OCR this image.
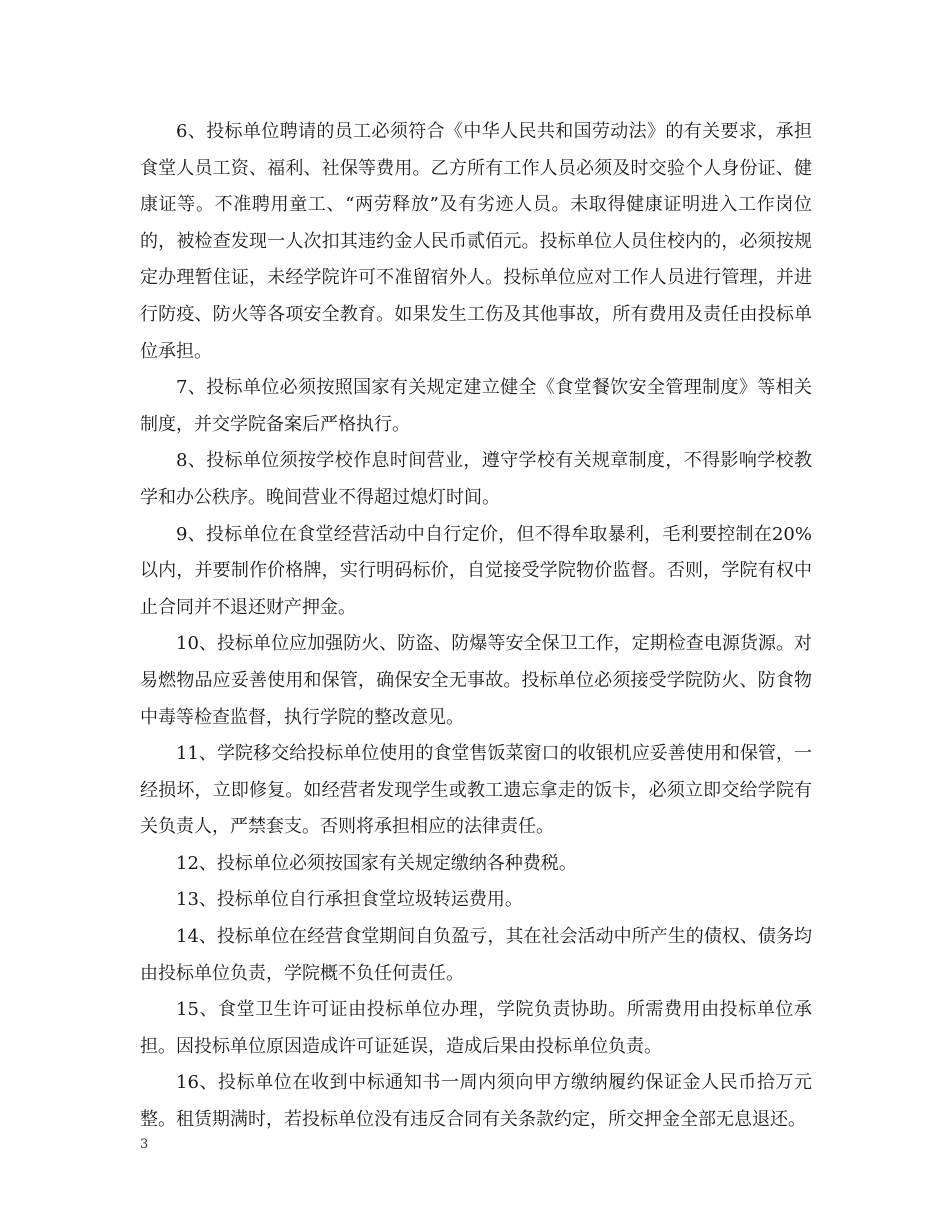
6、投标单位聘请的员工必须符合《中华人民共和国劳动法》的有关要求，承担食堂人员工资、福利、社保等费用。乙方所有工作人员必须及时交验个人身份证、健康证等。不准聘用童工、“两劳释放”及有劣迹人员。未取得健康证明进入工作岗位的，被检查发现一人次扣其违约金人民币贰佰元。投标单位人员住校内的，必须按规定办理暂住证，未经学院许可不准留宿外人。投标单位应对工作人员进行管理，并进行防疫、防火等各项安全教育。如果发生工伤及其他事故，所有费用及责任由投标单位承担。

7、投标单位必须按照国家有关规定建立健全《食堂餐饮安全管理制度》等相关制度，并交学院备案后严格执行。

8、投标单位须按学校作息时间营业，遵守学校有关规章制度，不得影响学校教学和办公秩序。晚间营业不得超过熄灯时间。

9、投标单位在食堂经营活动中自行定价，但不得牟取暴利，毛利要控制在20%以内，并要制作价格牌，实行明码标价，自觉接受学院物价监督。否则，学院有权中止合同并不退还财产押金。

10、投标单位应加强防火、防盗、防爆等安全保卫工作，定期检查电源货源。对易燃物品应妥善使用和保管，确保安全无事故。投标单位必须接受学院防火、防食物中毒等检查监督，执行学院的整改意见。

11、学院移交给投标单位使用的食堂售饭菜窗口的收银机应妥善使用和保管，一经损坏，立即修复。如经营者发现学生或教工遗忘拿走的饭卡，必须立即交给学院有关负责人，严禁套支。否则将承担相应的法律责任。

12、投标单位必须按国家有关规定缴纳各种费税。

13、投标单位自行承担食堂垃圾转运费用。

14、投标单位在经营食堂期间自负盈亏，其在社会活动中所产生的债权、债务均由投标单位负责，学院概不负任何责任。

15、食堂卫生许可证由投标单位办理，学院负责协助。所需费用由投标单位承担。因投标单位原因造成许可证延误，造成后果由投标单位负责。

16、投标单位在收到中标通知书一周内须向甲方缴纳履约保证金人民币拾万元整。租赁期满时，若投标单位没有违反合同有关条款约定，所交押金全部无息退还。

3
